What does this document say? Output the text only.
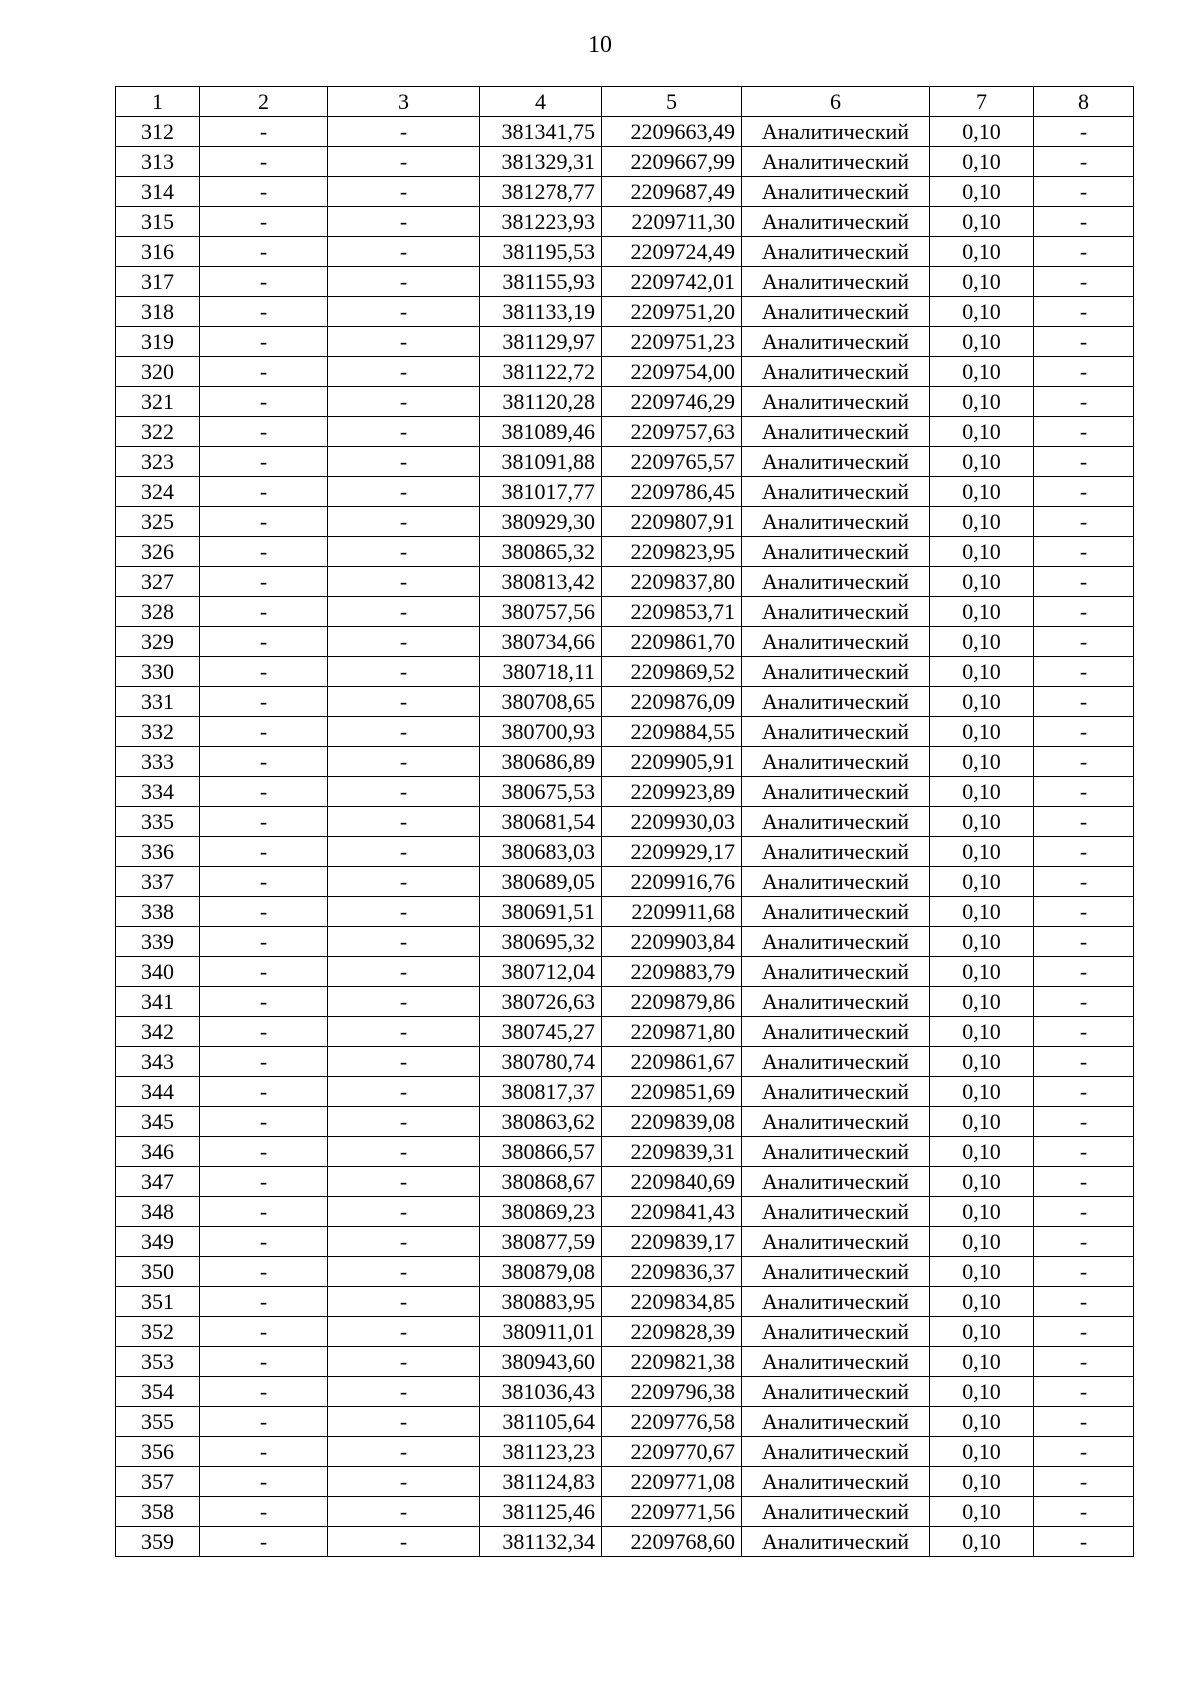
10
1	2	3	4	5	6	7	8
312	-	-	381341,75	2209663,49	Аналитический	0,10	-
313	-	-	381329,31	2209667,99	Аналитический	0,10	-
314	-	-	381278,77	2209687,49	Аналитический	0,10	-
315	-	-	381223,93	2209711,30	Аналитический	0,10	-
316	-	-	381195,53	2209724,49	Аналитический	0,10	-
317	-	-	381155,93	2209742,01	Аналитический	0,10	-
318	-	-	381133,19	2209751,20	Аналитический	0,10	-
319	-	-	381129,97	2209751,23	Аналитический	0,10	-
320	-	-	381122,72	2209754,00	Аналитический	0,10	-
321	-	-	381120,28	2209746,29	Аналитический	0,10	-
322	-	-	381089,46	2209757,63	Аналитический	0,10	-
323	-	-	381091,88	2209765,57	Аналитический	0,10	-
324	-	-	381017,77	2209786,45	Аналитический	0,10	-
325	-	-	380929,30	2209807,91	Аналитический	0,10	-
326	-	-	380865,32	2209823,95	Аналитический	0,10	-
327	-	-	380813,42	2209837,80	Аналитический	0,10	-
328	-	-	380757,56	2209853,71	Аналитический	0,10	-
329	-	-	380734,66	2209861,70	Аналитический	0,10	-
330	-	-	380718,11	2209869,52	Аналитический	0,10	-
331	-	-	380708,65	2209876,09	Аналитический	0,10	-
332	-	-	380700,93	2209884,55	Аналитический	0,10	-
333	-	-	380686,89	2209905,91	Аналитический	0,10	-
334	-	-	380675,53	2209923,89	Аналитический	0,10	-
335	-	-	380681,54	2209930,03	Аналитический	0,10	-
336	-	-	380683,03	2209929,17	Аналитический	0,10	-
337	-	-	380689,05	2209916,76	Аналитический	0,10	-
338	-	-	380691,51	2209911,68	Аналитический	0,10	-
339	-	-	380695,32	2209903,84	Аналитический	0,10	-
340	-	-	380712,04	2209883,79	Аналитический	0,10	-
341	-	-	380726,63	2209879,86	Аналитический	0,10	-
342	-	-	380745,27	2209871,80	Аналитический	0,10	-
343	-	-	380780,74	2209861,67	Аналитический	0,10	-
344	-	-	380817,37	2209851,69	Аналитический	0,10	-
345	-	-	380863,62	2209839,08	Аналитический	0,10	-
346	-	-	380866,57	2209839,31	Аналитический	0,10	-
347	-	-	380868,67	2209840,69	Аналитический	0,10	-
348	-	-	380869,23	2209841,43	Аналитический	0,10	-
349	-	-	380877,59	2209839,17	Аналитический	0,10	-
350	-	-	380879,08	2209836,37	Аналитический	0,10	-
351	-	-	380883,95	2209834,85	Аналитический	0,10	-
352	-	-	380911,01	2209828,39	Аналитический	0,10	-
353	-	-	380943,60	2209821,38	Аналитический	0,10	-
354	-	-	381036,43	2209796,38	Аналитический	0,10	-
355	-	-	381105,64	2209776,58	Аналитический	0,10	-
356	-	-	381123,23	2209770,67	Аналитический	0,10	-
357	-	-	381124,83	2209771,08	Аналитический	0,10	-
358	-	-	381125,46	2209771,56	Аналитический	0,10	-
359	-	-	381132,34	2209768,60	Аналитический	0,10	-
